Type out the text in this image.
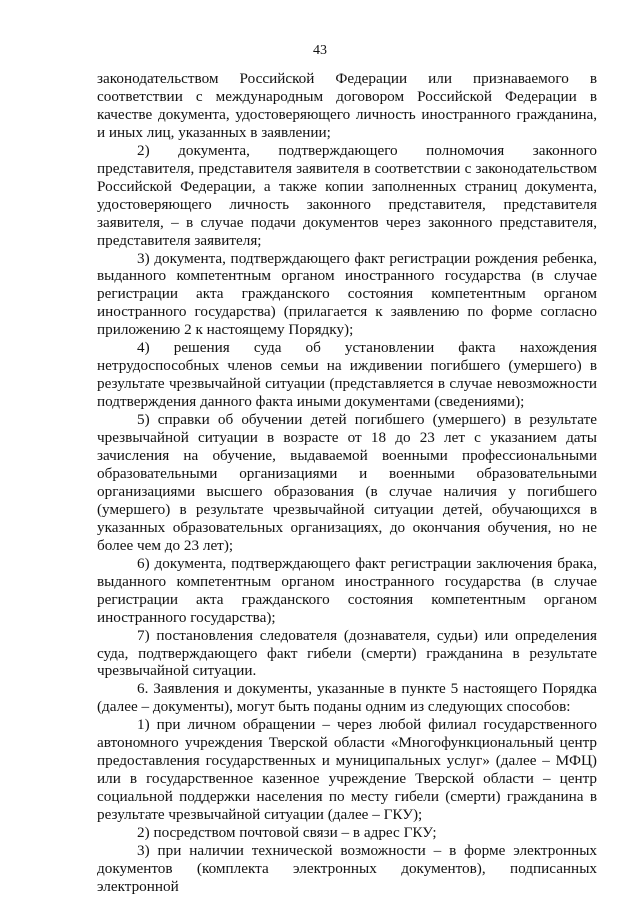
43

законодательством Российской Федерации или признаваемого в соответствии с международным договором Российской Федерации в качестве документа, удостоверяющего личность иностранного гражданина, и иных лиц, указанных в заявлении;

2) документа, подтверждающего полномочия законного представителя, представителя заявителя в соответствии с законодательством Российской Федерации, а также копии заполненных страниц документа, удостоверяющего личность законного представителя, представителя заявителя, – в случае подачи документов через законного представителя, представителя заявителя;

3) документа, подтверждающего факт регистрации рождения ребенка, выданного компетентным органом иностранного государства (в случае регистрации акта гражданского состояния компетентным органом иностранного государства) (прилагается к заявлению по форме согласно приложению 2 к настоящему Порядку);

4) решения суда об установлении факта нахождения нетрудоспособных членов семьи на иждивении погибшего (умершего) в результате чрезвычайной ситуации (представляется в случае невозможности подтверждения данного факта иными документами (сведениями);

5) справки об обучении детей погибшего (умершего) в результате чрезвычайной ситуации в возрасте от 18 до 23 лет с указанием даты зачисления на обучение, выдаваемой военными профессиональными образовательными организациями и военными образовательными организациями высшего образования (в случае наличия у погибшего (умершего) в результате чрезвычайной ситуации детей, обучающихся в указанных образовательных организациях, до окончания обучения, но не более чем до 23 лет);

6) документа, подтверждающего факт регистрации заключения брака, выданного компетентным органом иностранного государства (в случае регистрации акта гражданского состояния компетентным органом иностранного государства);

7) постановления следователя (дознавателя, судьи) или определения суда, подтверждающего факт гибели (смерти) гражданина в результате чрезвычайной ситуации.

6. Заявления и документы, указанные в пункте 5 настоящего Порядка (далее – документы), могут быть поданы одним из следующих способов:

1) при личном обращении – через любой филиал государственного автономного учреждения Тверской области «Многофункциональный центр предоставления государственных и муниципальных услуг» (далее – МФЦ) или в государственное казенное учреждение Тверской области – центр социальной поддержки населения по месту гибели (смерти) гражданина в результате чрезвычайной ситуации (далее – ГКУ);

2) посредством почтовой связи – в адрес ГКУ;

3) при наличии технической возможности – в форме электронных документов (комплекта электронных документов), подписанных электронной
